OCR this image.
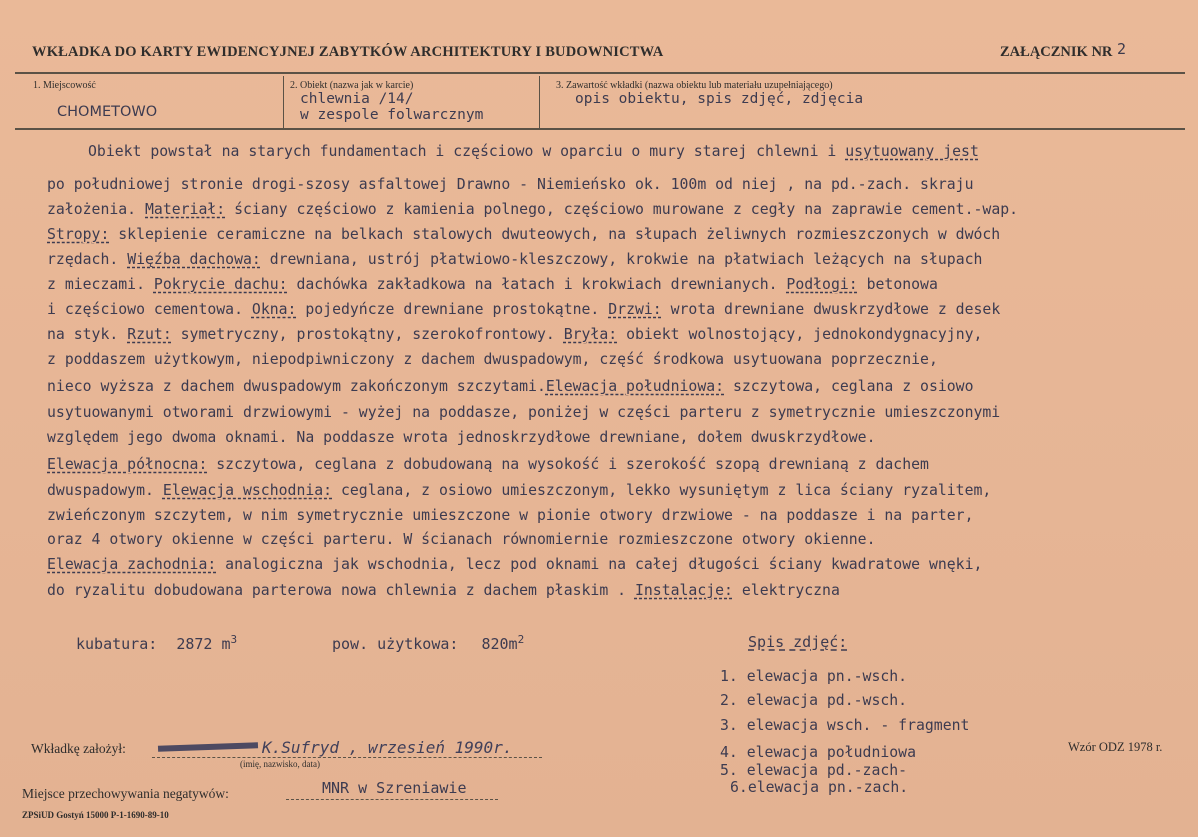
WKŁADKA DO KARTY EWIDENCYJNEJ ZABYTKÓW ARCHITEKTURY I BUDOWNICTWA	ZAŁĄCZNIK NR 2
1. Miejscowość
CHOMETOWO
2. Obiekt (nazwa jak w karcie)
chlewnia /14/
w zespole folwarcznym
3. Zawartość wkładki (nazwa obiektu lub materiału uzupełniającego)
opis obiektu, spis zdjęć, zdjęcia
Obiekt powstał na starych fundamentach i częściowo w oparciu o mury starej chlewni i usytuowany jest
po południowej stronie drogi-szosy asfaltowej Drawno - Niemieńsko ok. 100m od niej , na pd.-zach. skraju
założenia. Materiał: ściany częściowo z kamienia polnego, częściowo murowane z cegły na zaprawie cement.-wap.
Stropy: sklepienie ceramiczne na belkach stalowych dwuteowych, na słupach żeliwnych rozmieszczonych w dwóch
rzędach. Więźba dachowa: drewniana, ustrój płatwiowo-kleszczowy, krokwie na płatwiach leżących na słupach
z mieczami. Pokrycie dachu: dachówka zakładkowa na łatach i krokwiach drewnianych. Podłogi: betonowa
i częściowo cementowa. Okna: pojedyńcze drewniane prostokątne. Drzwi: wrota drewniane dwuskrzydłowe z desek
na styk. Rzut: symetryczny, prostokątny, szerokofrontowy. Bryła: obiekt wolnostojący, jednokondygnacyjny,
z poddaszem użytkowym, niepodpiwniczony z dachem dwuspadowym, część środkowa usytuowana poprzecznie,
nieco wyższa z dachem dwuspadowym zakończonym szczytami.Elewacja południowa: szczytowa, ceglana z osiowo
usytuowanymi otworami drzwiowymi - wyżej na poddasze, poniżej w części parteru z symetrycznie umieszczonymi
względem jego dwoma oknami. Na poddasze wrota jednoskrzydłowe drewniane, dołem dwuskrzydłowe.
Elewacja północna: szczytowa, ceglana z dobudowaną na wysokość i szerokość szopą drewnianą z dachem
dwuspadowym. Elewacja wschodnia: ceglana, z osiowo umieszczonym, lekko wysuniętym z lica ściany ryzalitem,
zwieńczonym szczytem, w nim symetrycznie umieszczone w pionie otwory drzwiowe - na poddasze i na parter,
oraz 4 otwory okienne w części parteru. W ścianach równomiernie rozmieszczone otwory okienne.
Elewacja zachodnia: analogiczna jak wschodnia, lecz pod oknami na całej długości ściany kwadratowe wnęki,
do ryzalitu dobudowana parterowa nowa chlewnia z dachem płaskim . Instalacje: elektryczna
kubatura: 2872 $m^3$	pow. użytkowa: $820m^2$	Spis zdjęć:
1. elewacja pn.-wsch.
2. elewacja pd.-wsch.
3. elewacja wsch. - fragment
4. elewacja południowa
5. elewacja pd.-zach-
6.elewacja pn.-zach.
Wkładkę założył:	K.Sufryd , wrzesień 1990r.
(imię, nazwisko, data)
Miejsce przechowywania negatywów:	MNR w Szreniawie
Wzór ODZ 1978 r.
ZPSiUD Gostyń 15000 P-1-1690-89-10
